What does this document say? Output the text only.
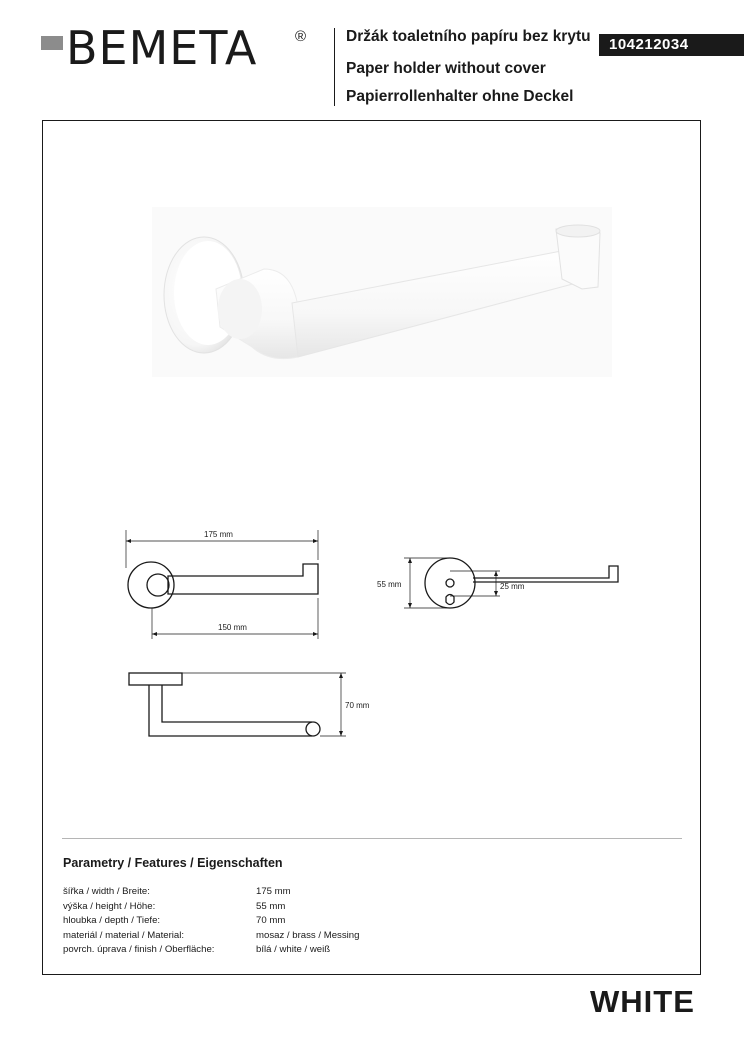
BEMETA	®	Držák toaletního papíru bez krytu
Paper holder without cover
Papierrollenhalter ohne Deckel
104212034
175 mm
150 mm
55 mm	25 mm
70 mm
Parametry / Features / Eigenschaften
šířka / width / Breite:	175 mm
výška / height / Höhe:	55 mm
hloubka / depth / Tiefe:	70 mm
materiál / material / Material:	mosaz / brass / Messing
povrch. úprava / finish / Oberfläche:	bílá / white / weiß
WHITE
